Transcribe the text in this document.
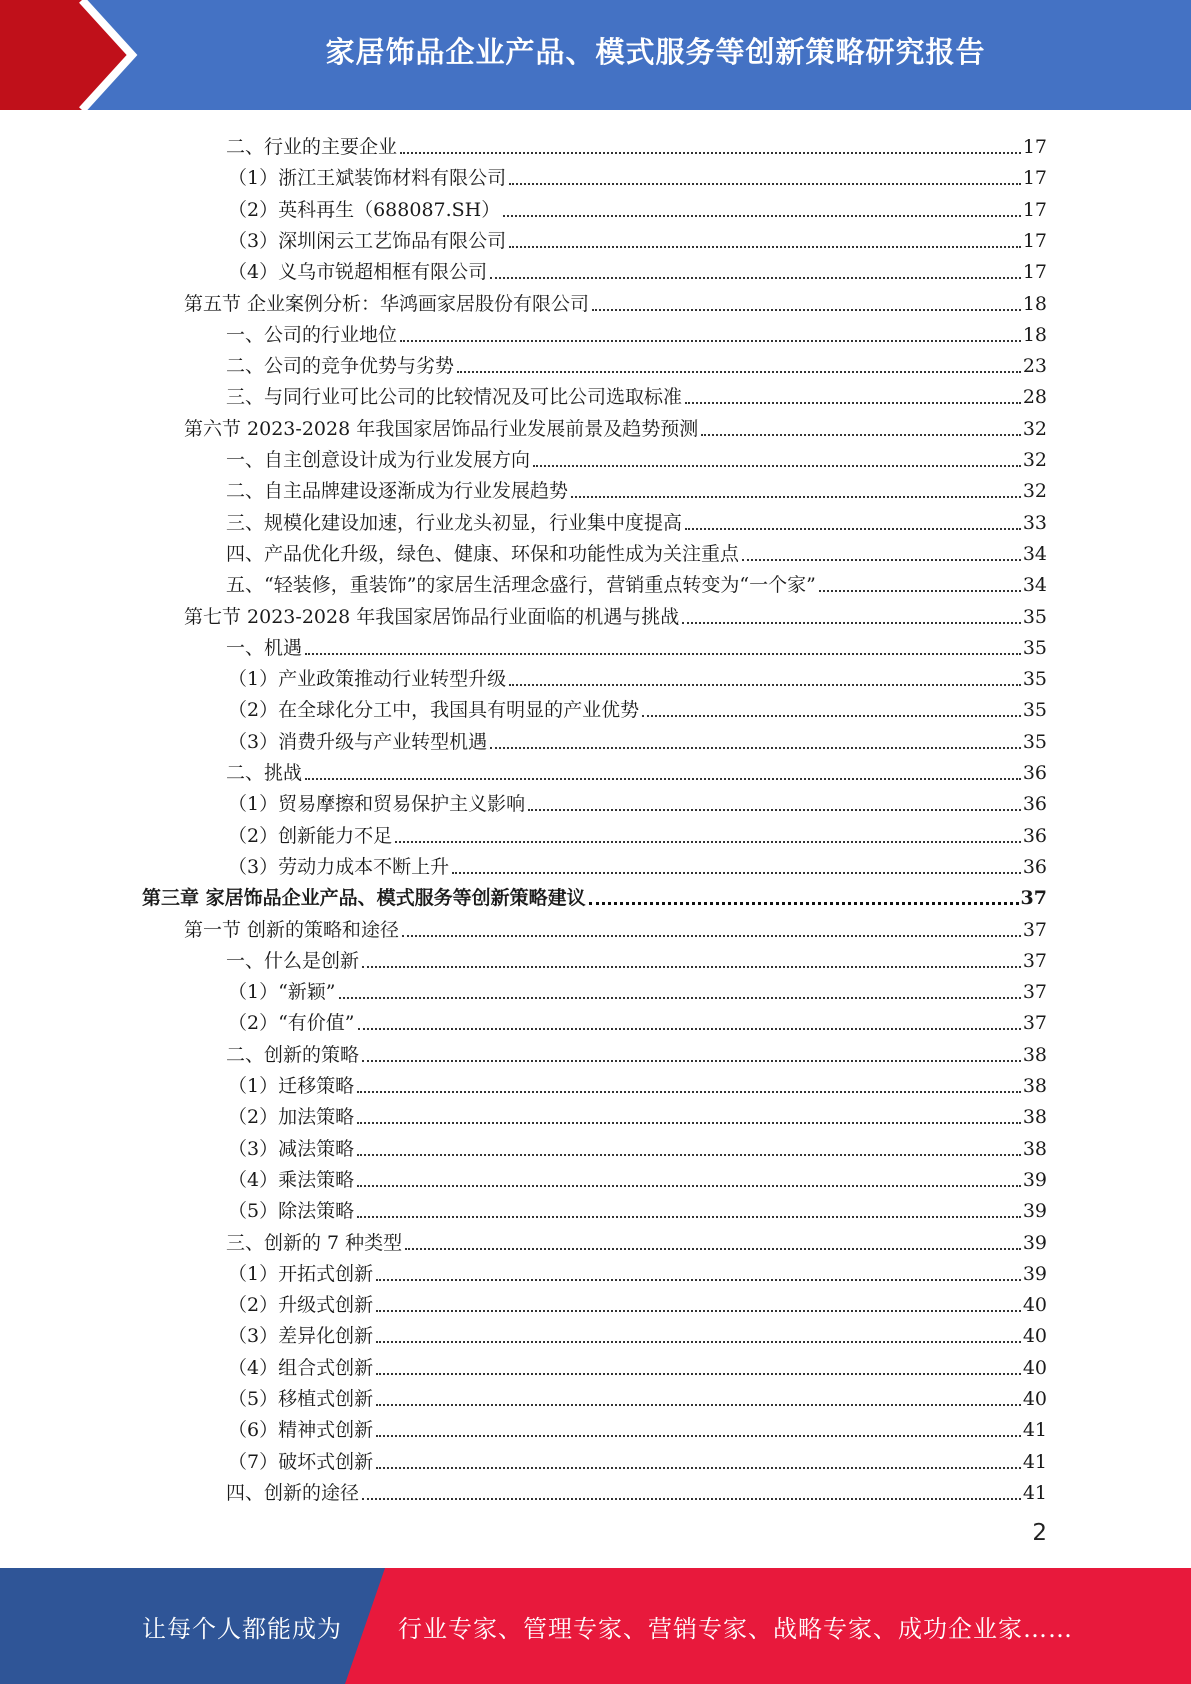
家居饰品企业产品、模式服务等创新策略研究报告
二、行业的主要企业	17
（1）浙江王斌装饰材料有限公司	17
（2）英科再生（688087.SH）	17
（3）深圳闲云工艺饰品有限公司	17
（4）义乌市锐超相框有限公司	17
第五节 企业案例分析：华鸿画家居股份有限公司	18
一、公司的行业地位	18
二、公司的竞争优势与劣势	23
三、与同行业可比公司的比较情况及可比公司选取标准	28
第六节 2023-2028 年我国家居饰品行业发展前景及趋势预测	32
一、自主创意设计成为行业发展方向	32
二、自主品牌建设逐渐成为行业发展趋势	32
三、规模化建设加速，行业龙头初显，行业集中度提高	33
四、产品优化升级，绿色、健康、环保和功能性成为关注重点	34
五、“轻装修，重装饰”的家居生活理念盛行，营销重点转变为“一个家”	34
第七节 2023-2028 年我国家居饰品行业面临的机遇与挑战	35
一、机遇	35
（1）产业政策推动行业转型升级	35
（2）在全球化分工中，我国具有明显的产业优势	35
（3）消费升级与产业转型机遇	35
二、挑战	36
（1）贸易摩擦和贸易保护主义影响	36
（2）创新能力不足	36
（3）劳动力成本不断上升	36
第三章 家居饰品企业产品、模式服务等创新策略建议	37
第一节 创新的策略和途径	37
一、什么是创新	37
（1）“新颖”	37
（2）“有价值”	37
二、创新的策略	38
（1）迁移策略	38
（2）加法策略	38
（3）减法策略	38
（4）乘法策略	39
（5）除法策略	39
三、创新的 7 种类型	39
（1）开拓式创新	39
（2）升级式创新	40
（3）差异化创新	40
（4）组合式创新	40
（5）移植式创新	40
（6）精神式创新	41
（7）破坏式创新	41
四、创新的途径	41
2
让每个人都能成为 行业专家、管理专家、营销专家、战略专家、成功企业家……
